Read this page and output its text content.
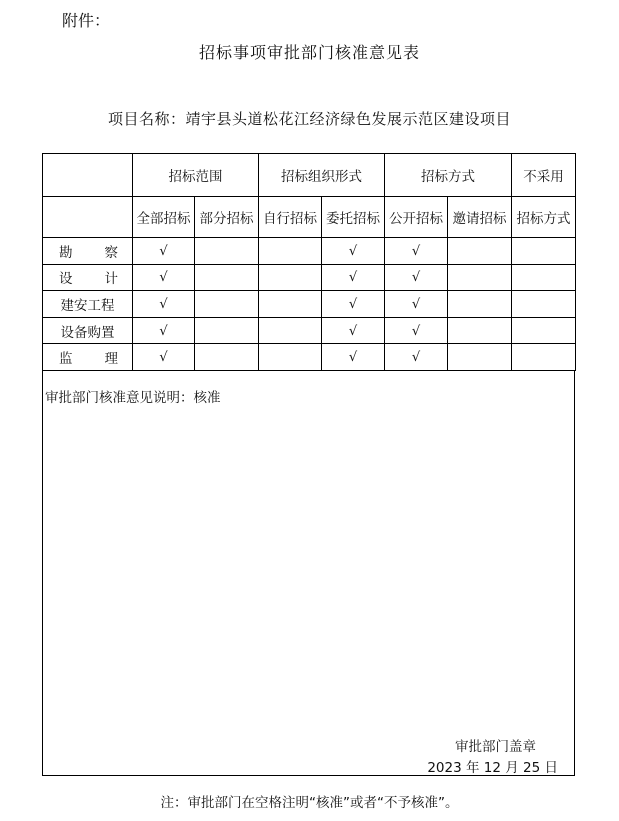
附件：
招标事项审批部门核准意见表
项目名称：靖宇县头道松花江经济绿色发展示范区建设项目
	招标范围		招标组织形式		招标方式		不采用
	全部招标	部分招标	自行招标	委托招标	公开招标	邀请招标	招标方式

勘 察	√			√	√		

设 计	√			√	√		
建安工程	√			√	√		
设备购置	√			√	√		

监 理	√			√	√		
审批部门核准意见说明：核准
审批部门盖章
2023 年 12 月 25 日
注：审批部门在空格注明“核准”或者“不予核准”。
